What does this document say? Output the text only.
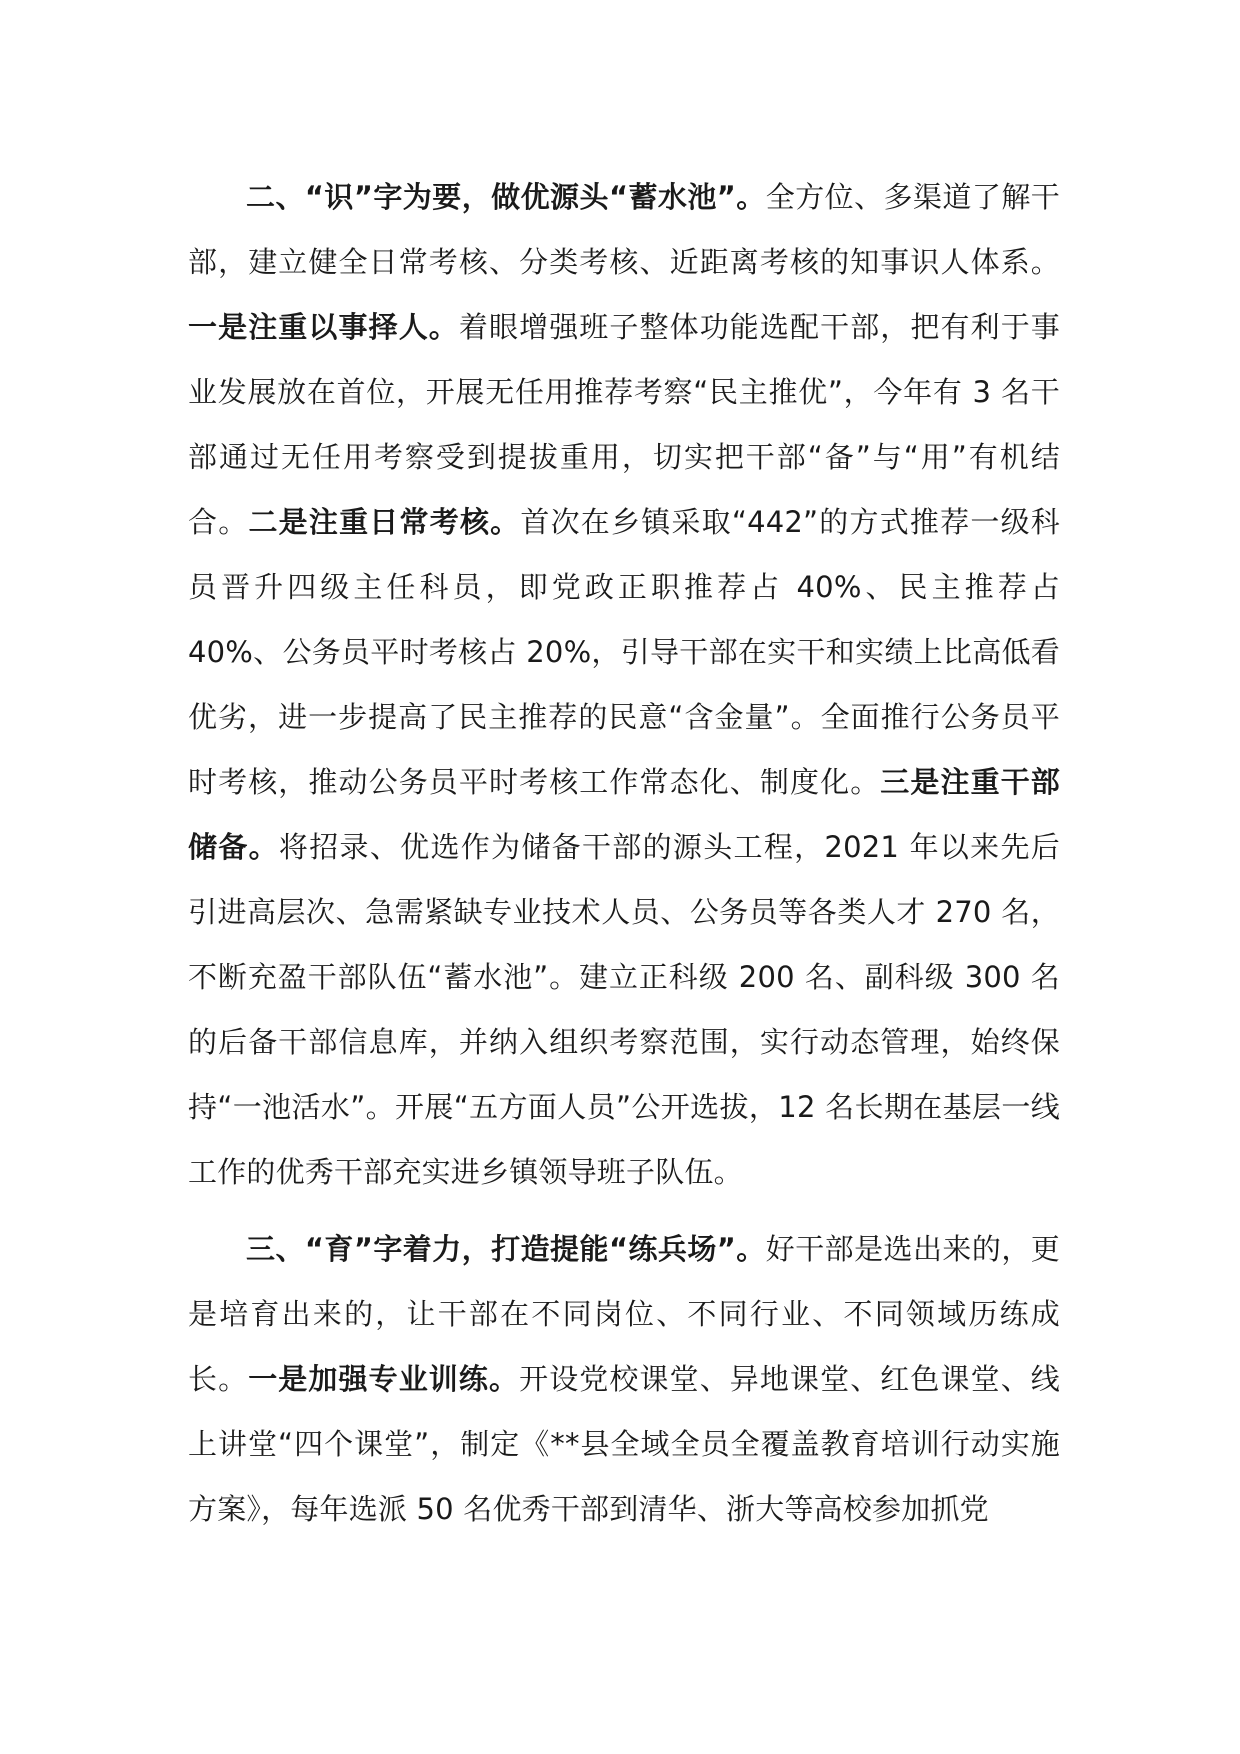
二、“识”字为要，做优源头“蓄水池”。全方位、多渠道了解干部，建立健全日常考核、分类考核、近距离考核的知事识人体系。一是注重以事择人。着眼增强班子整体功能选配干部，把有利于事业发展放在首位，开展无任用推荐考察“民主推优”，今年有 3 名干部通过无任用考察受到提拔重用，切实把干部“备”与“用”有机结合。二是注重日常考核。首次在乡镇采取“442”的方式推荐一级科员晋升四级主任科员，即党政正职推荐占 40%、民主推荐占 40%、公务员平时考核占 20%，引导干部在实干和实绩上比高低看优劣，进一步提高了民主推荐的民意“含金量”。全面推行公务员平时考核，推动公务员平时考核工作常态化、制度化。三是注重干部储备。将招录、优选作为储备干部的源头工程，2021 年以来先后引进高层次、急需紧缺专业技术人员、公务员等各类人才 270 名，不断充盈干部队伍“蓄水池”。建立正科级 200 名、副科级 300 名的后备干部信息库，并纳入组织考察范围，实行动态管理，始终保持“一池活水”。开展“五方面人员”公开选拔，12 名长期在基层一线工作的优秀干部充实进乡镇领导班子队伍。

三、“育”字着力，打造提能“练兵场”。好干部是选出来的，更是培育出来的，让干部在不同岗位、不同行业、不同领域历练成长。一是加强专业训练。开设党校课堂、异地课堂、红色课堂、线上讲堂“四个课堂”，制定《**县全域全员全覆盖教育培训行动实施方案》，每年选派 50 名优秀干部到清华、浙大等高校参加抓党
